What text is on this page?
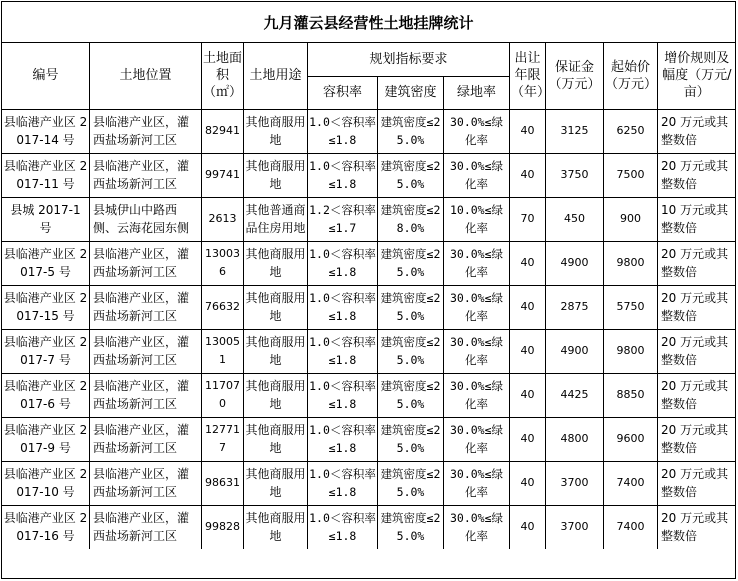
九月灌云县经营性土地挂牌统计
编号	土地位置	土地面积（㎡）	土地用途	规划指标要求			出让年限（年）	保证金（万元）	起始价（万元）	增价规则及幅度（万元/亩）
				容积率	建筑密度	绿地率				
县临港产业区 2017-14 号	县临港产业区，灌西盐场新河工区	82941	其他商服用地	1.0＜容积率≤1.8	建筑密度≤25.0%	30.0%≤绿化率	40	3125	6250	20 万元或其整数倍
县临港产业区 2017-11 号	县临港产业区，灌西盐场新河工区	99741	其他商服用地	1.0＜容积率≤1.8	建筑密度≤25.0%	30.0%≤绿化率	40	3750	7500	20 万元或其整数倍
县城 2017-1 号	县城伊山中路西侧、云海花园东侧	2613	其他普通商品住房用地	1.2＜容积率≤1.7	建筑密度≤28.0%	10.0%≤绿化率	70	450	900	10 万元或其整数倍
县临港产业区 2017-5 号	县临港产业区，灌西盐场新河工区	130036	其他商服用地	1.0＜容积率≤1.8	建筑密度≤25.0%	30.0%≤绿化率	40	4900	9800	20 万元或其整数倍
县临港产业区 2017-15 号	县临港产业区，灌西盐场新河工区	76632	其他商服用地	1.0＜容积率≤1.8	建筑密度≤25.0%	30.0%≤绿化率	40	2875	5750	20 万元或其整数倍
县临港产业区 2017-7 号	县临港产业区，灌西盐场新河工区	130051	其他商服用地	1.0＜容积率≤1.8	建筑密度≤25.0%	30.0%≤绿化率	40	4900	9800	20 万元或其整数倍
县临港产业区 2017-6 号	县临港产业区，灌西盐场新河工区	117070	其他商服用地	1.0＜容积率≤1.8	建筑密度≤25.0%	30.0%≤绿化率	40	4425	8850	20 万元或其整数倍
县临港产业区 2017-9 号	县临港产业区，灌西盐场新河工区	127717	其他商服用地	1.0＜容积率≤1.8	建筑密度≤25.0%	30.0%≤绿化率	40	4800	9600	20 万元或其整数倍
县临港产业区 2017-10 号	县临港产业区，灌西盐场新河工区	98631	其他商服用地	1.0＜容积率≤1.8	建筑密度≤25.0%	30.0%≤绿化率	40	3700	7400	20 万元或其整数倍
县临港产业区 2017-16 号	县临港产业区，灌西盐场新河工区	99828	其他商服用地	1.0＜容积率≤1.8	建筑密度≤25.0%	30.0%≤绿化率	40	3700	7400	20 万元或其整数倍
